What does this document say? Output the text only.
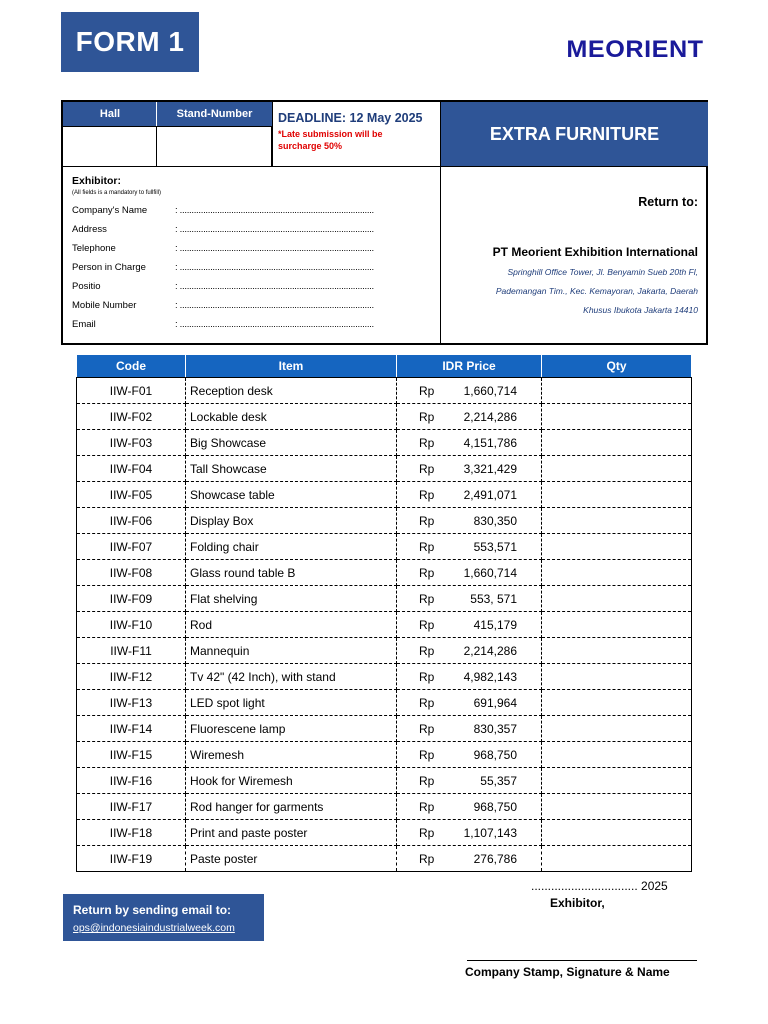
FORM 1	MEORIENT
Hall	Stand-Number	DEADLINE: 12 May 2025
*Late submission will be surcharge 50%
EXTRA FURNITURE
Exhibitor:
(All fields is a mandatory to fullfill)
Company's Name	: ...................................................................................
Address	: ...................................................................................
Telephone	: ...................................................................................
Person in Charge	: ...................................................................................
Positio	: ...................................................................................
Mobile Number	: ...................................................................................
Email	: ...................................................................................
Return to:
PT Meorient Exhibition International
Springhill Office Tower, Jl. Benyamin Sueb 20th Fl,
Pademangan Tim., Kec. Kemayoran, Jakarta, Daerah
Khusus Ibukota Jakarta 14410
Code	Item	IDR Price	Qty
IIW-F01	Reception desk	Rp 1,660,714	

IIW-F02	Lockable desk	Rp 2,214,286	

IIW-F03	Big Showcase	Rp 4,151,786	

IIW-F04	Tall Showcase	Rp 3,321,429	

IIW-F05	Showcase table	Rp 2,491,071	

IIW-F06	Display Box	Rp 830,350	

IIW-F07	Folding chair	Rp 553,571	

IIW-F08	Glass round table B	Rp 1,660,714	

IIW-F09	Flat shelving	Rp 553, 571	

IIW-F10	Rod	Rp 415,179	

IIW-F11	Mannequin	Rp 2,214,286	

IIW-F12	Tv 42" (42 Inch), with stand	Rp 4,982,143	

IIW-F13	LED spot light	Rp 691,964	

IIW-F14	Fluorescene lamp	Rp 830,357	

IIW-F15	Wiremesh	Rp 968,750	

IIW-F16	Hook for Wiremesh	Rp 55,357	

IIW-F17	Rod hanger for garments	Rp 968,750	

IIW-F18	Print and paste poster	Rp 1,107,143	

IIW-F19	Paste poster	Rp 276,786	

Return by sending email to:
ops@indonesiaindustrialweek.com
................................ 2025
Exhibitor,
Company Stamp, Signature & Name
